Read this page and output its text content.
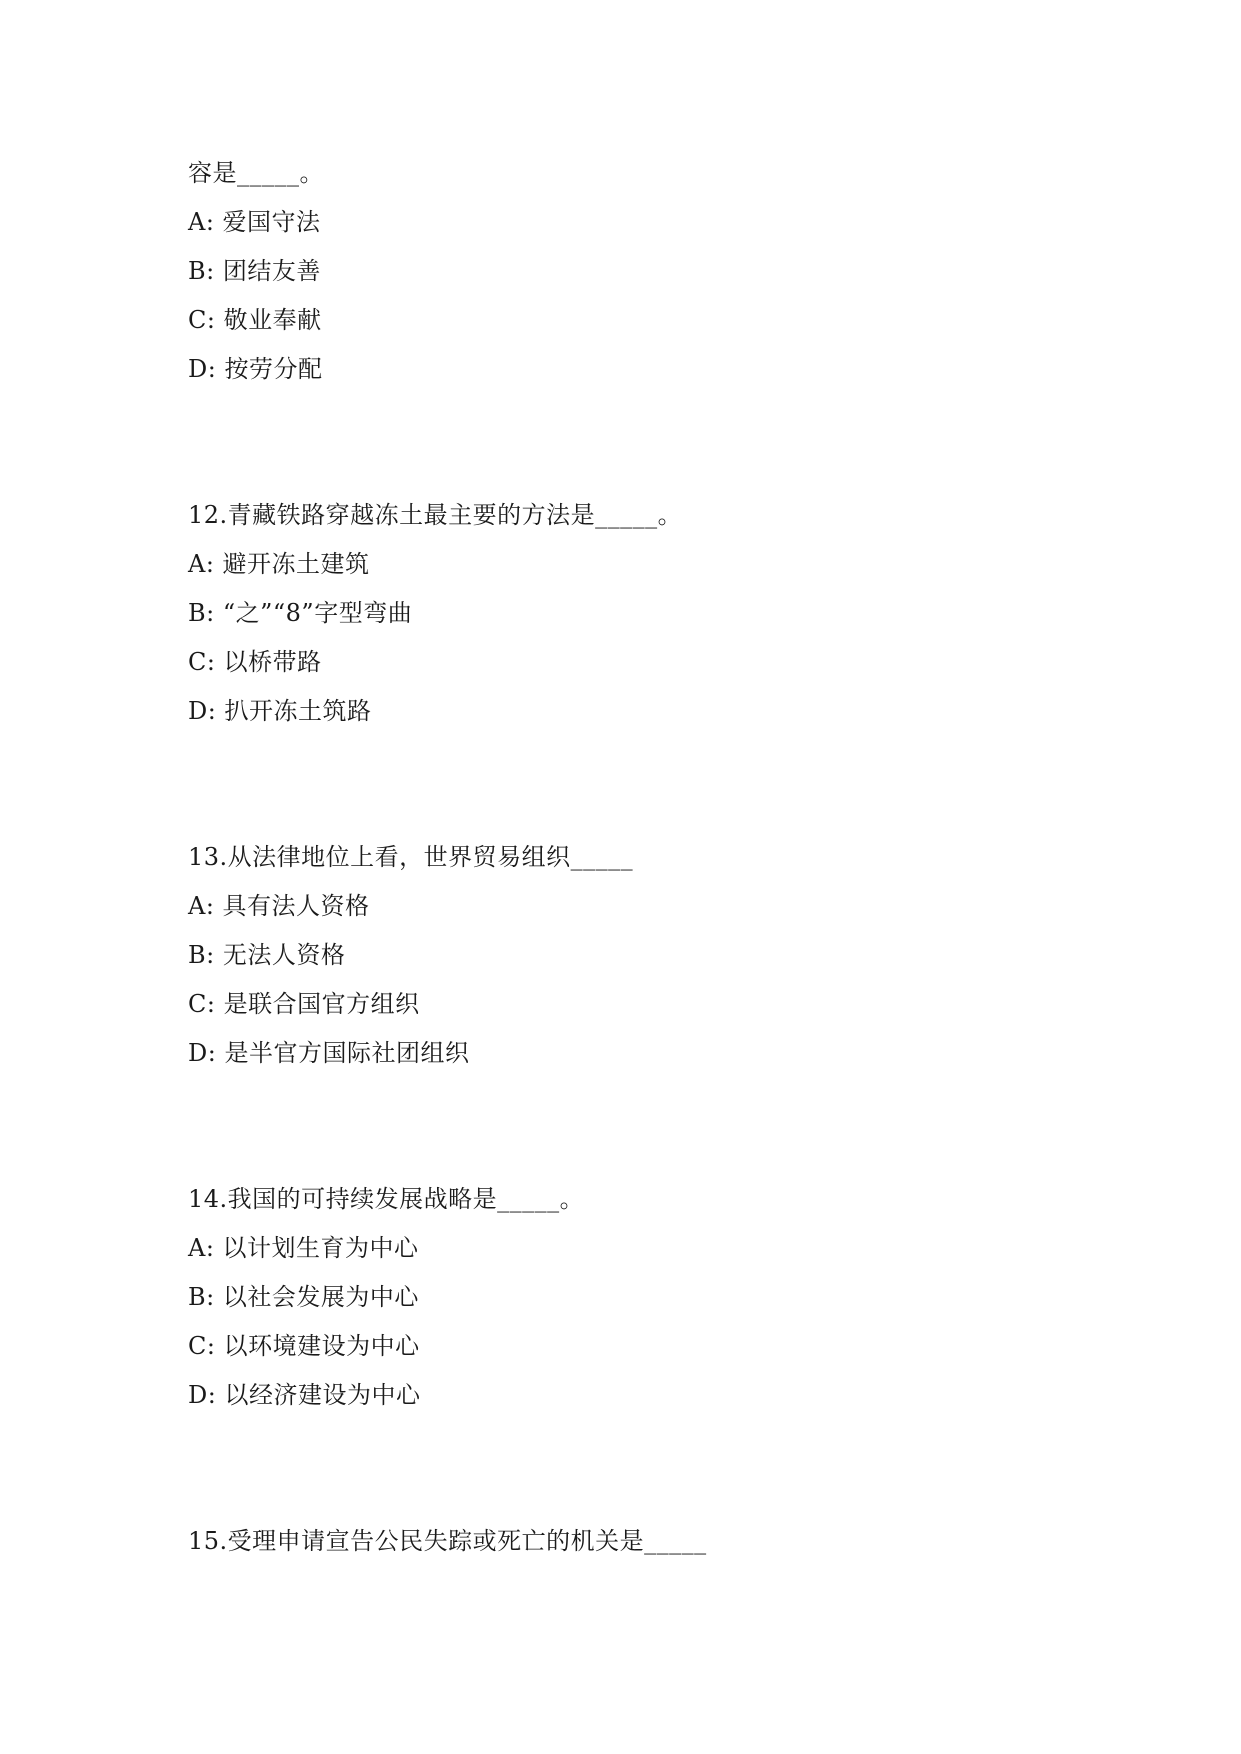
容是_____。
A: 爱国守法
B: 团结友善
C: 敬业奉献
D: 按劳分配
12.青藏铁路穿越冻土最主要的方法是_____。
A: 避开冻土建筑
B: “之”“8”字型弯曲
C: 以桥带路
D: 扒开冻土筑路
13.从法律地位上看，世界贸易组织_____
A: 具有法人资格
B: 无法人资格
C: 是联合国官方组织
D: 是半官方国际社团组织
14.我国的可持续发展战略是_____。
A: 以计划生育为中心
B: 以社会发展为中心
C: 以环境建设为中心
D: 以经济建设为中心
15.受理申请宣告公民失踪或死亡的机关是_____
